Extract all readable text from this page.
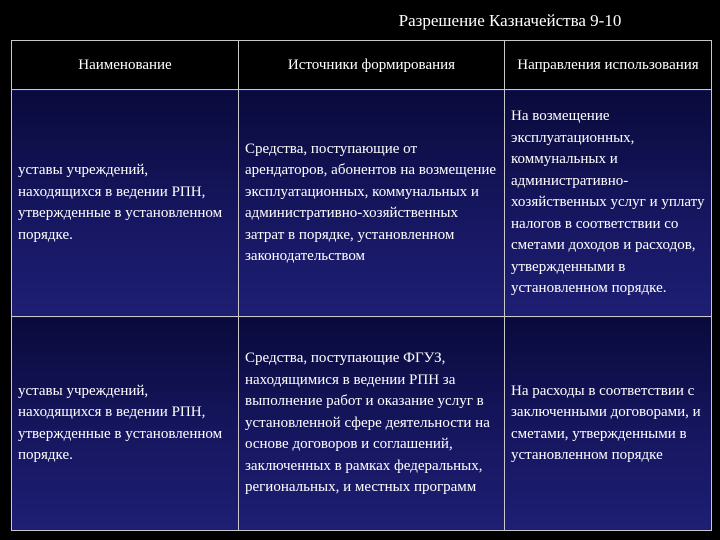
Разрешение Казначейства 9-10
Наименование	Источники формирования	Направления использования

уставы учреждений, находящихся в ведении РПН, утвержденные в установленном порядке.	Средства, поступающие от арендаторов, абонентов на возмещение эксплуатационных, коммунальных и административно-хозяйственных затрат в порядке, установленном законодательством	На возмещение эксплуатационных, коммунальных и административно-хозяйственных услуг и уплату налогов в соответствии со сметами доходов и расходов, утвержденными в установленном порядке.

уставы учреждений, находящихся в ведении РПН, утвержденные в установленном порядке.	Средства, поступающие ФГУЗ, находящимися в ведении РПН за выполнение работ и оказание услуг в установленной сфере деятельности на основе договоров и соглашений, заключенных в рамках федеральных, региональных, и местных программ	На расходы в соответствии с заключенными договорами, и сметами, утвержденными в установленном порядке
